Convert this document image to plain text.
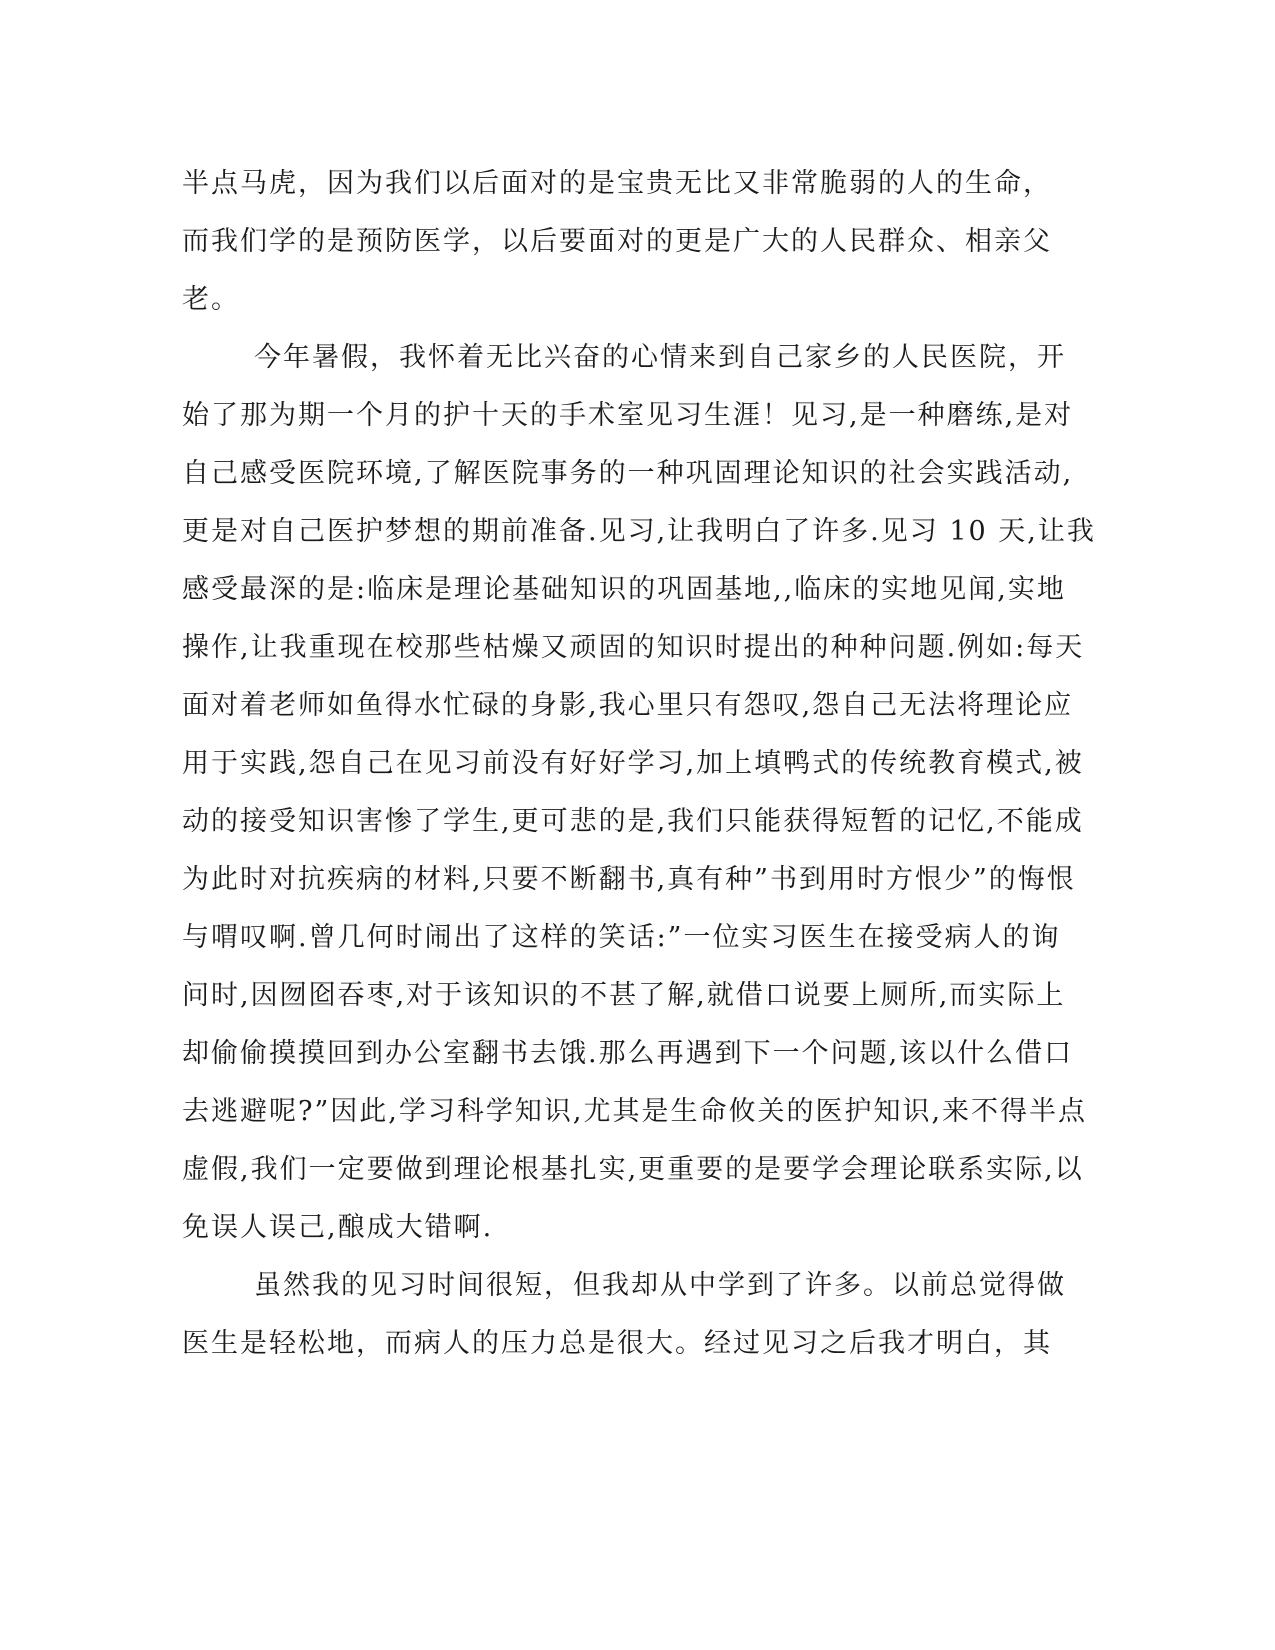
半点马虎，因为我们以后面对的是宝贵无比又非常脆弱的人的生命，
而我们学的是预防医学，以后要面对的更是广大的人民群众、相亲父
老。
今年暑假，我怀着无比兴奋的心情来到自己家乡的人民医院，开
始了那为期一个月的护十天的手术室见习生涯！见习,是一种磨练,是对
自己感受医院环境,了解医院事务的一种巩固理论知识的社会实践活动,
更是对自己医护梦想的期前准备.见习,让我明白了许多.见习 10 天,让我
感受最深的是:临床是理论基础知识的巩固基地,,临床的实地见闻,实地
操作,让我重现在校那些枯燥又顽固的知识时提出的种种问题.例如:每天
面对着老师如鱼得水忙碌的身影,我心里只有怨叹,怨自己无法将理论应
用于实践,怨自己在见习前没有好好学习,加上填鸭式的传统教育模式,被
动的接受知识害惨了学生,更可悲的是,我们只能获得短暂的记忆,不能成
为此时对抗疾病的材料,只要不断翻书,真有种”书到用时方恨少”的悔恨
与喟叹啊.曾几何时闹出了这样的笑话:”一位实习医生在接受病人的询
问时,因囫囵吞枣,对于该知识的不甚了解,就借口说要上厕所,而实际上
却偷偷摸摸回到办公室翻书去饿.那么再遇到下一个问题,该以什么借口
去逃避呢?”因此,学习科学知识,尤其是生命攸关的医护知识,来不得半点
虚假,我们一定要做到理论根基扎实,更重要的是要学会理论联系实际,以
免误人误己,酿成大错啊.
虽然我的见习时间很短，但我却从中学到了许多。以前总觉得做
医生是轻松地，而病人的压力总是很大。经过见习之后我才明白，其
